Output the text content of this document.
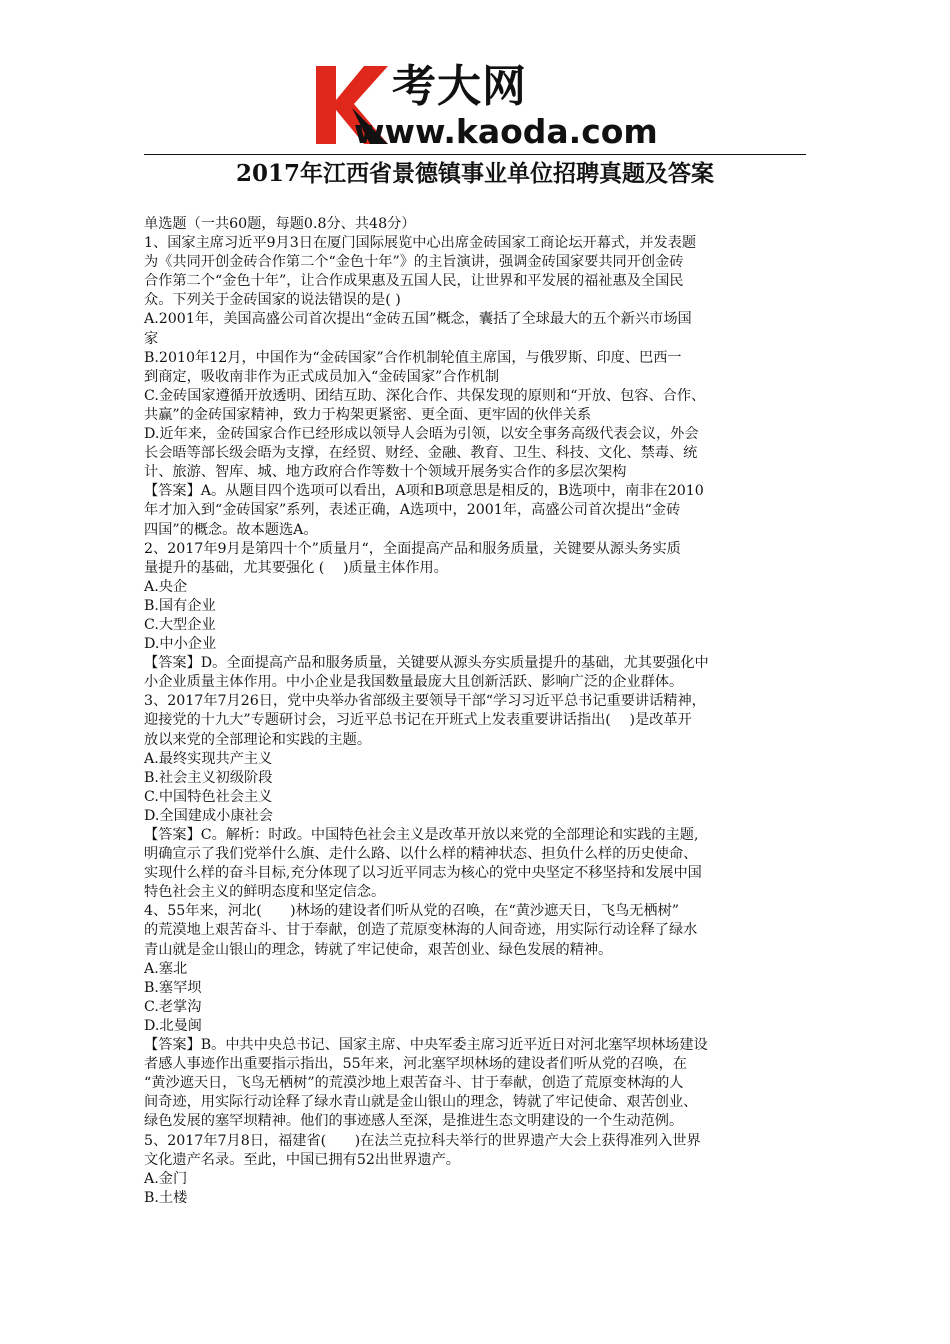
考大网
www.kaoda.com
2017年江西省景德镇事业单位招聘真题及答案

单选题（一共60题，每题0.8分、共48分）

1、国家主席习近平9月3日在厦门国际展览中心出席金砖国家工商论坛开幕式，并发表题

为《共同开创金砖合作第二个“金色十年”》的主旨演讲，强调金砖国家要共同开创金砖

合作第二个“金色十年”，让合作成果惠及五国人民，让世界和平发展的福祉惠及全国民

众。下列关于金砖国家的说法错误的是( )

A.2001年，美国高盛公司首次提出“金砖五国”概念，囊括了全球最大的五个新兴市场国

家

B.2010年12月，中国作为“金砖国家”合作机制轮值主席国，与俄罗斯、印度、巴西一

到商定，吸收南非作为正式成员加入“金砖国家”合作机制

C.金砖国家遵循开放透明、团结互助、深化合作、共保发现的原则和“开放、包容、合作、

共赢”的金砖国家精神，致力于构架更紧密、更全面、更牢固的伙伴关系

D.近年来，金砖国家合作已经形成以领导人会晤为引领，以安全事务高级代表会议，外会

长会晤等部长级会晤为支撑，在经贸、财经、金融、教育、卫生、科技、文化、禁毒、统

计、旅游、智库、城、地方政府合作等数十个领域开展务实合作的多层次架构

【答案】A。从题目四个选项可以看出，A项和B项意思是相反的，B选项中，南非在2010

年才加入到“金砖国家”系列，表述正确，A选项中，2001年，高盛公司首次提出“金砖

四国”的概念。故本题选A。

2、2017年9月是第四十个”质量月“，全面提高产品和服务质量，关键要从源头务实质

量提升的基础，尤其要强化 (　 )质量主体作用。

A.央企

B.国有企业

C.大型企业

D.中小企业

【答案】D。全面提高产品和服务质量，关键要从源头夯实质量提升的基础，尤其要强化中

小企业质量主体作用。中小企业是我国数量最庞大且创新活跃、影响广泛的企业群体。

3、2017年7月26日，党中央举办省部级主要领导干部“学习习近平总书记重要讲话精神，

迎接党的十九大”专题研讨会，习近平总书记在开班式上发表重要讲话指出(　 )是改革开

放以来党的全部理论和实践的主题。

A.最终实现共产主义

B.社会主义初级阶段

C.中国特色社会主义

D.全国建成小康社会

【答案】C。解析：时政。中国特色社会主义是改革开放以来党的全部理论和实践的主题,

明确宣示了我们党举什么旗、走什么路、以什么样的精神状态、担负什么样的历史使命、

实现什么样的奋斗目标,充分体现了以习近平同志为核心的党中央坚定不移坚持和发展中国

特色社会主义的鲜明态度和坚定信念。

4、55年来，河北(　　)林场的建设者们听从党的召唤，在“黄沙遮天日，飞鸟无栖树”

的荒漠地上艰苦奋斗、甘于奉献，创造了荒原变林海的人间奇迹，用实际行动诠释了绿水

青山就是金山银山的理念，铸就了牢记使命，艰苦创业、绿色发展的精神。

A.塞北

B.塞罕坝

C.老掌沟

D.北曼闽

【答案】B。中共中央总书记、国家主席、中央军委主席习近平近日对河北塞罕坝林场建设

者感人事迹作出重要指示指出，55年来，河北塞罕坝林场的建设者们听从党的召唤，在

“黄沙遮天日，飞鸟无栖树”的荒漠沙地上艰苦奋斗、甘于奉献，创造了荒原变林海的人

间奇迹，用实际行动诠释了绿水青山就是金山银山的理念，铸就了牢记使命、艰苦创业、

绿色发展的塞罕坝精神。他们的事迹感人至深，是推进生态文明建设的一个生动范例。

5、2017年7月8日，福建省(　　)在法兰克拉科夫举行的世界遗产大会上获得准列入世界

文化遗产名录。至此，中国已拥有52出世界遗产。

A.金门

B.土楼
